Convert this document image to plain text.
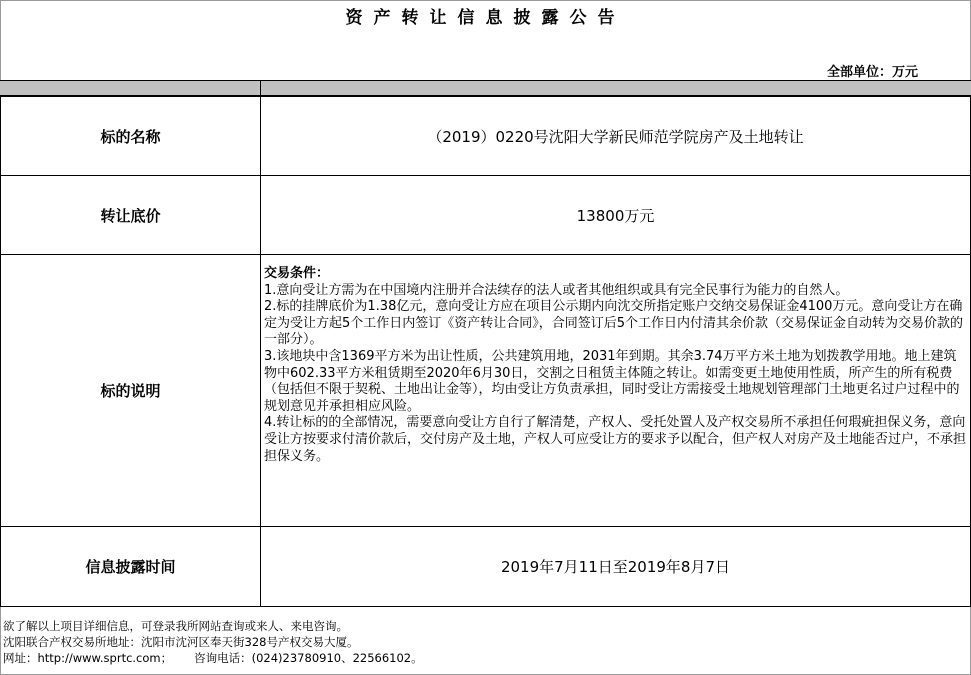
资产转让信息披露公告
全部单位：万元
标的名称	（2019）0220号沈阳大学新民师范学院房产及土地转让
转让底价	13800万元
标的说明	交易条件：

1.意向受让方需为在中国境内注册并合法续存的法人或者其他组织或具有完全民事行为能力的自然人。

2.标的挂牌底价为1.38亿元，意向受让方应在项目公示期内向沈交所指定账户交纳交易保证金4100万元。意向受让方在确定为受让方起5个工作日内签订《资产转让合同》，合同签订后5个工作日内付清其余价款（交易保证金自动转为交易价款的一部分）。

3.该地块中含1369平方米为出让性质，公共建筑用地，2031年到期。其余3.74万平方米土地为划拨教学用地。地上建筑物中602.33平方米租赁期至2020年6月30日，交割之日租赁主体随之转让。如需变更土地使用性质，所产生的所有税费（包括但不限于契税、土地出让金等），均由受让方负责承担，同时受让方需接受土地规划管理部门土地更名过户过程中的规划意见并承担相应风险。

4.转让标的的全部情况，需要意向受让方自行了解清楚，产权人、受托处置人及产权交易所不承担任何瑕疵担保义务，意向受让方按要求付清价款后，交付房产及土地，产权人可应受让方的要求予以配合，但产权人对房产及土地能否过户，不承担担保义务。

信息披露时间	2019年7月11日至2019年8月7日

欲了解以上项目详细信息，可登录我所网站查询或来人、来电咨询。

沈阳联合产权交易所地址：沈阳市沈河区奉天街328号产权交易大厦。

网址：http://www.sprtc.com； 咨询电话：(024)23780910、22566102。
